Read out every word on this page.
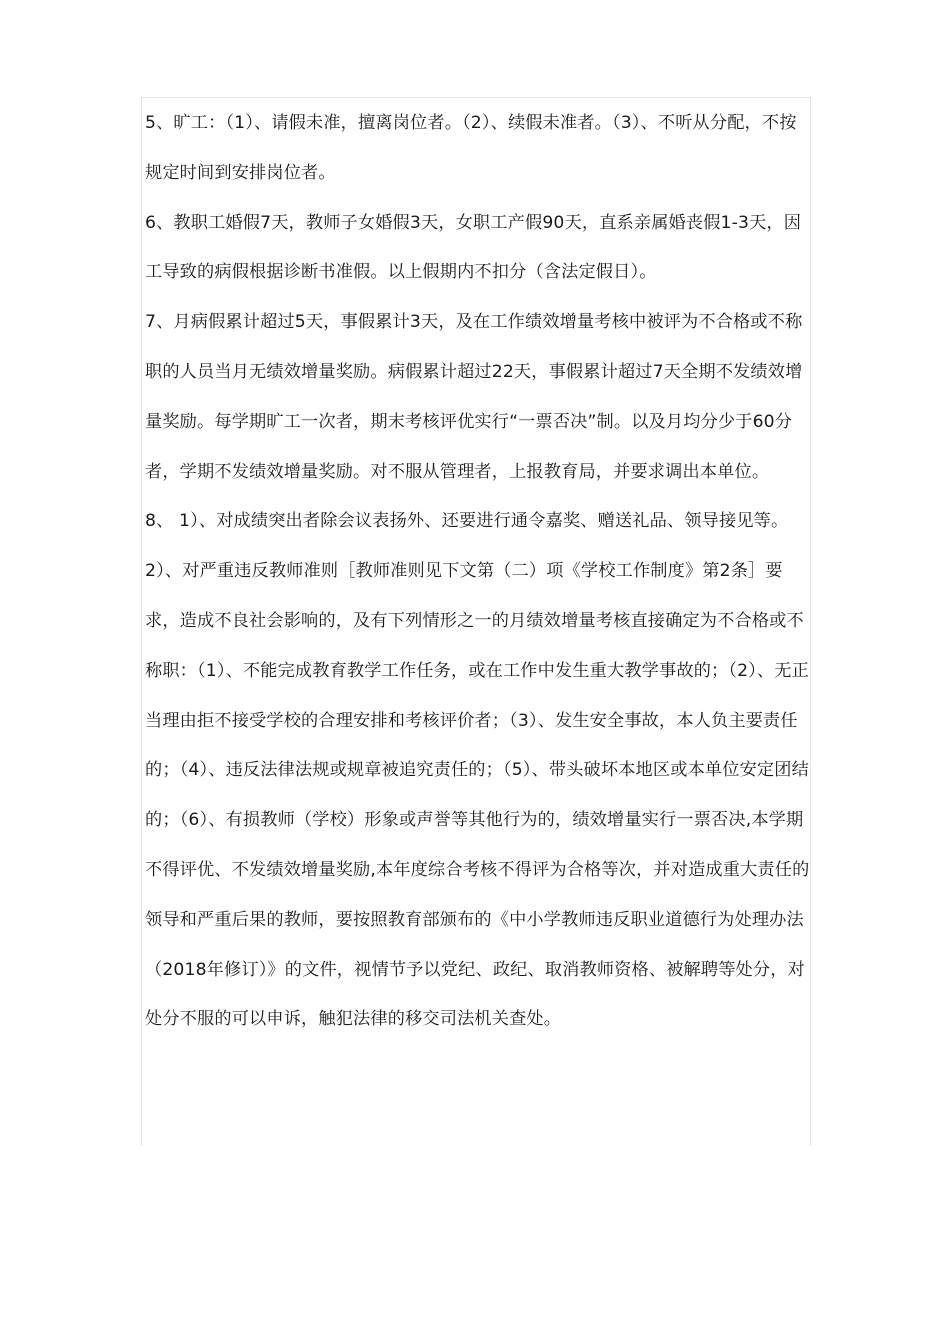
5、旷工：（1）、请假未准，擅离岗位者。（2）、续假未准者。（3）、不听从分配，不按规定时间到安排岗位者。

6、教职工婚假7天，教师子女婚假3天，女职工产假90天，直系亲属婚丧假1-3天，因工导致的病假根据诊断书准假。以上假期内不扣分（含法定假日）。

7、月病假累计超过5天，事假累计3天，及在工作绩效增量考核中被评为不合格或不称职的人员当月无绩效增量奖励。病假累计超过22天，事假累计超过7天全期不发绩效增量奖励。每学期旷工一次者，期末考核评优实行“一票否决”制。以及月均分少于60分者，学期不发绩效增量奖励。对不服从管理者，上报教育局，并要求调出本单位。

8、 1）、对成绩突出者除会议表扬外、还要进行通令嘉奖、赠送礼品、领导接见等。2）、对严重违反教师准则［教师准则见下文第（二）项《学校工作制度》第2条］要求，造成不良社会影响的，及有下列情形之一的月绩效增量考核直接确定为不合格或不称职：（1）、不能完成教育教学工作任务，或在工作中发生重大教学事故的；（2）、无正当理由拒不接受学校的合理安排和考核评价者；（3）、发生安全事故，本人负主要责任的；（4）、违反法律法规或规章被追究责任的；（5）、带头破坏本地区或本单位安定团结的；（6）、有损教师（学校）形象或声誉等其他行为的，绩效增量实行一票否决,本学期不得评优、不发绩效增量奖励,本年度综合考核不得评为合格等次，并对造成重大责任的领导和严重后果的教师，要按照教育部颁布的《中小学教师违反职业道德行为处理办法（2018年修订）》的文件，视情节予以党纪、政纪、取消教师资格、被解聘等处分，对处分不服的可以申诉，触犯法律的移交司法机关查处。
